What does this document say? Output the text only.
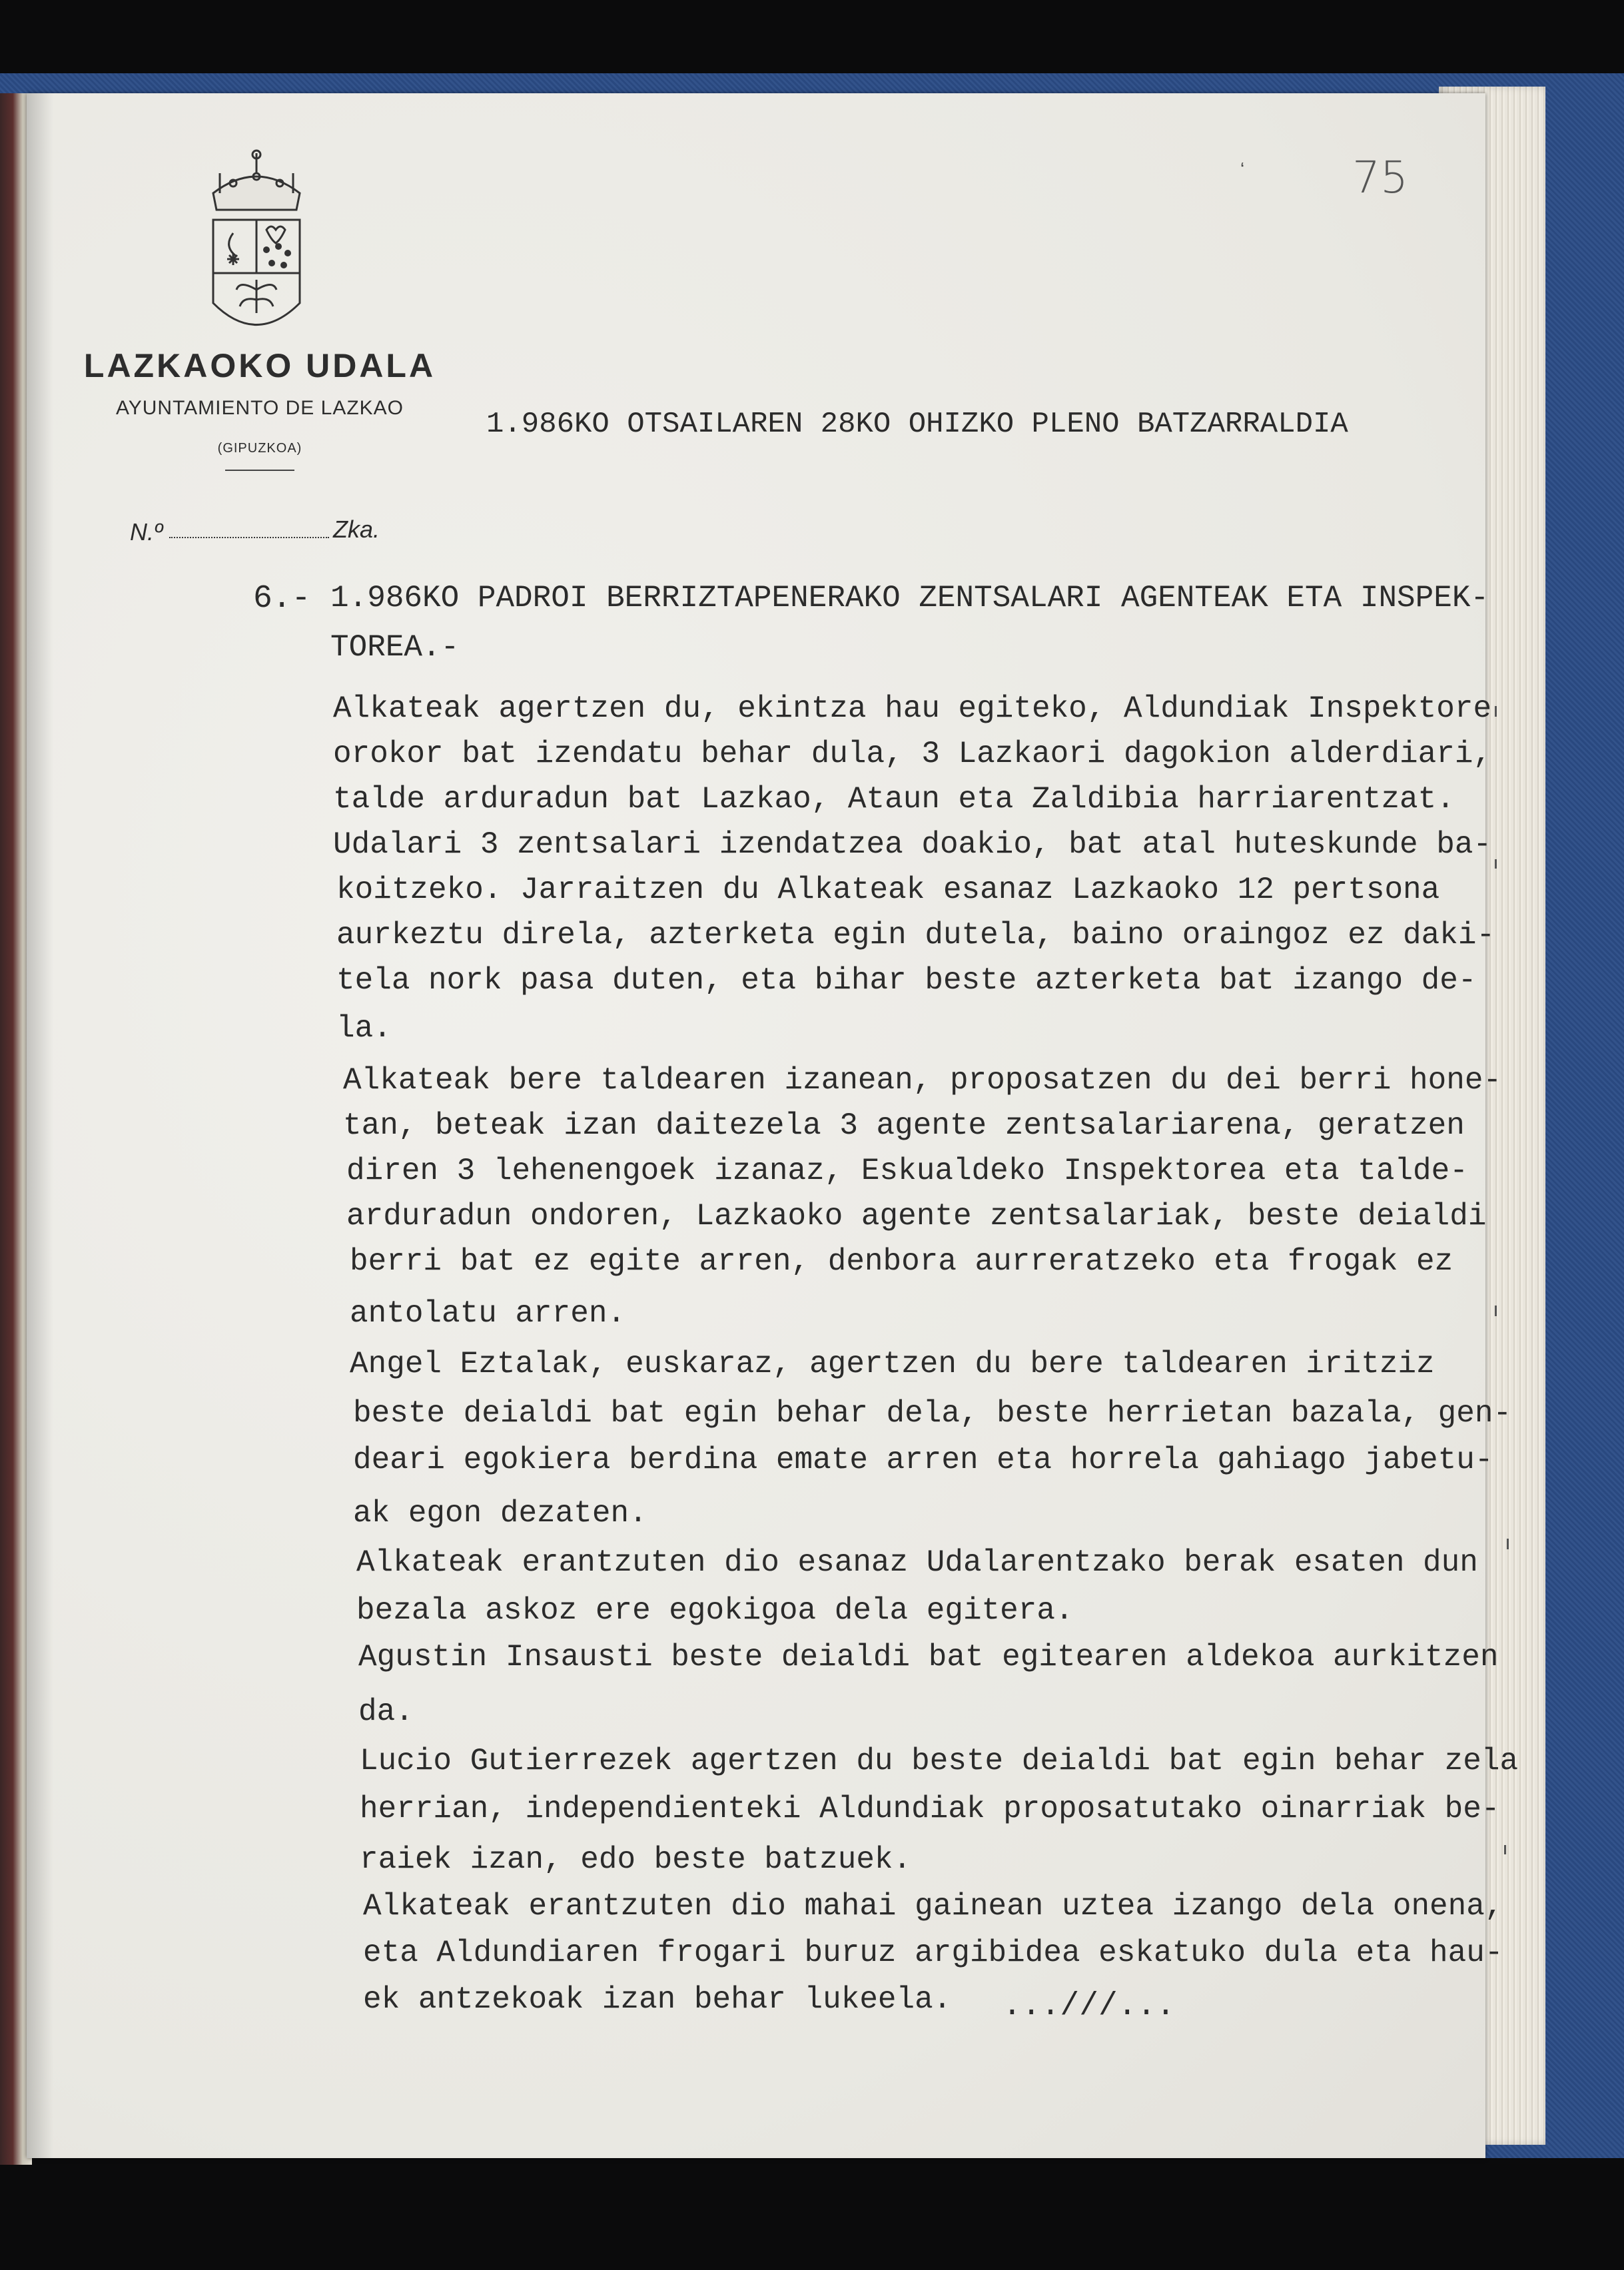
‘ 75
LAZKAOKO UDALA
AYUNTAMIENTO DE LAZKAO
(GIPUZKOA)
1.986KO OTSAILAREN 28KO OHIZKO PLENO BATZARRALDIA
N.º	Zka.
6.- 1.986KO PADROI BERRIZTAPENERAKO ZENTSALARI AGENTEAK ETA INSPEK-
TOREA.-
Alkateak agertzen du, ekintza hau egiteko, Aldundiak Inspektore
orokor bat izendatu behar dula, 3 Lazkaori dagokion alderdiari,
talde arduradun bat Lazkao, Ataun eta Zaldibia harriarentzat.
Udalari 3 zentsalari izendatzea doakio, bat atal huteskunde ba-
koitzeko. Jarraitzen du Alkateak esanaz Lazkaoko 12 pertsona
aurkeztu direla, azterketa egin dutela, baino oraingoz ez daki-
tela nork pasa duten, eta bihar beste azterketa bat izango de-
la.
Alkateak bere taldearen izanean, proposatzen du dei berri hone-
tan, beteak izan daitezela 3 agente zentsalariarena, geratzen
diren 3 lehenengoek izanaz, Eskualdeko Inspektorea eta talde-
arduradun ondoren, Lazkaoko agente zentsalariak, beste deialdi
berri bat ez egite arren, denbora aurreratzeko eta frogak ez
antolatu arren.
Angel Eztalak, euskaraz, agertzen du bere taldearen iritziz
beste deialdi bat egin behar dela, beste herrietan bazala, gen-
deari egokiera berdina emate arren eta horrela gahiago jabetu-
ak egon dezaten.
Alkateak erantzuten dio esanaz Udalarentzako berak esaten dun
bezala askoz ere egokigoa dela egitera.
Agustin Insausti beste deialdi bat egitearen aldekoa aurkitzen
da.
Lucio Gutierrezek agertzen du beste deialdi bat egin behar zela
herrian, independienteki Aldundiak proposatutako oinarriak be-
raiek izan, edo beste batzuek.
Alkateak erantzuten dio mahai gainean uztea izango dela onena,
eta Aldundiaren frogari buruz argibidea eskatuko dula eta hau-
ek antzekoak izan behar lukeela. ...///...
